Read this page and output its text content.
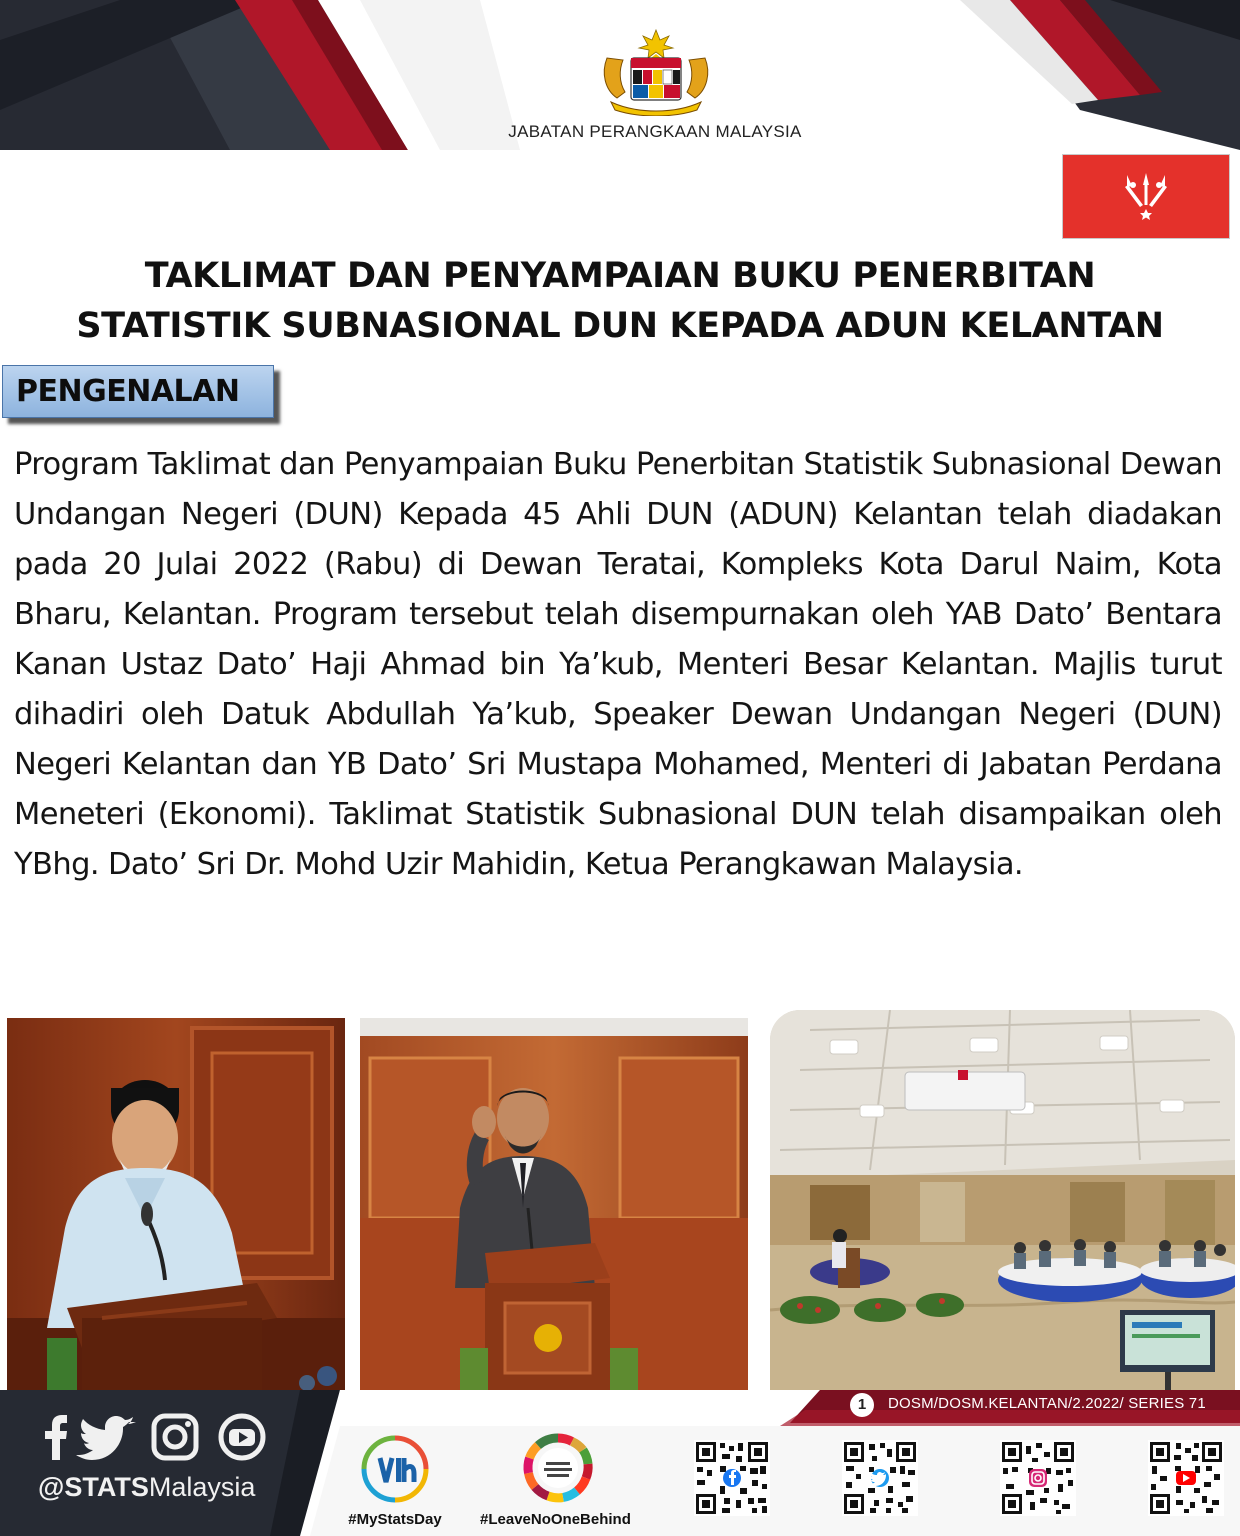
JABATAN PERANGKAAN MALAYSIA
TAKLIMAT DAN PENYAMPAIAN BUKU PENERBITAN
STATISTIK SUBNASIONAL DUN KEPADA ADUN KELANTAN
PENGENALAN

Program Taklimat dan Penyampaian Buku Penerbitan Statistik Subnasional Dewan Undangan Negeri (DUN) Kepada 45 Ahli DUN (ADUN) Kelantan telah diadakan pada 20 Julai 2022 (Rabu) di Dewan Teratai, Kompleks Kota Darul Naim, Kota Bharu, Kelantan. Program tersebut telah disempurnakan oleh YAB Dato’ Bentara Kanan Ustaz Dato’ Haji Ahmad bin Ya’kub, Menteri Besar Kelantan. Majlis turut dihadiri oleh Datuk Abdullah Ya’kub, Speaker Dewan Undangan Negeri (DUN) Negeri Kelantan dan YB Dato’ Sri Mustapa Mohamed, Menteri di Jabatan Perdana Meneteri (Ekonomi). Taklimat Statistik Subnasional DUN telah disampaikan oleh YBhg. Dato’ Sri Dr. Mohd Uzir Mahidin, Ketua Perangkawan Malaysia.

1	DOSM/DOSM.KELANTAN/2.2022/ SERIES 71
@STATSMalaysia
#MyStatsDay	#LeaveNoOneBehind
